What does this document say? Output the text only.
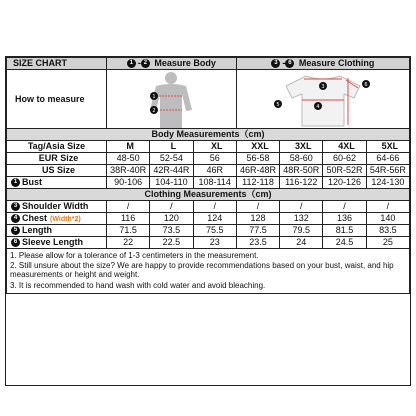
SIZE CHART	1 - 2 Measure Body			3 - 6 Measure Clothing			
How to measure	1
2			3
4
5
6			

Body Measurements（cm)							
Tag/Asia Size	M	L	XL	XXL	3XL	4XL	5XL
EUR Size	48-50	52-54	56	56-58	58-60	60-62	64-66
US Size	38R-40R	42R-44R	46R	46R-48R	48R-50R	50R-52R	54R-56R
1 Bust	90-106	104-110	108-114	112-118	116-122	120-126	124-130
Clothing Measurements（cm)							
3 Shoulder Width	/	/	/	/	/	/	/
4 Chest (Width*2)	116	120	124	128	132	136	140
5 Length	71.5	73.5	75.5	77.5	79.5	81.5	83.5
6 Sleeve Length	22	22.5	23	23.5	24	24.5	25

1. Please allow for a tolerance of 1-3 centimeters in the measurement.

2. Still unsure about the size? We are happy to provide recommendations based on your bust, waist, and hip measurements or height and weight.

3. It is recommended to hand wash with cold water and avoid bleaching.							
